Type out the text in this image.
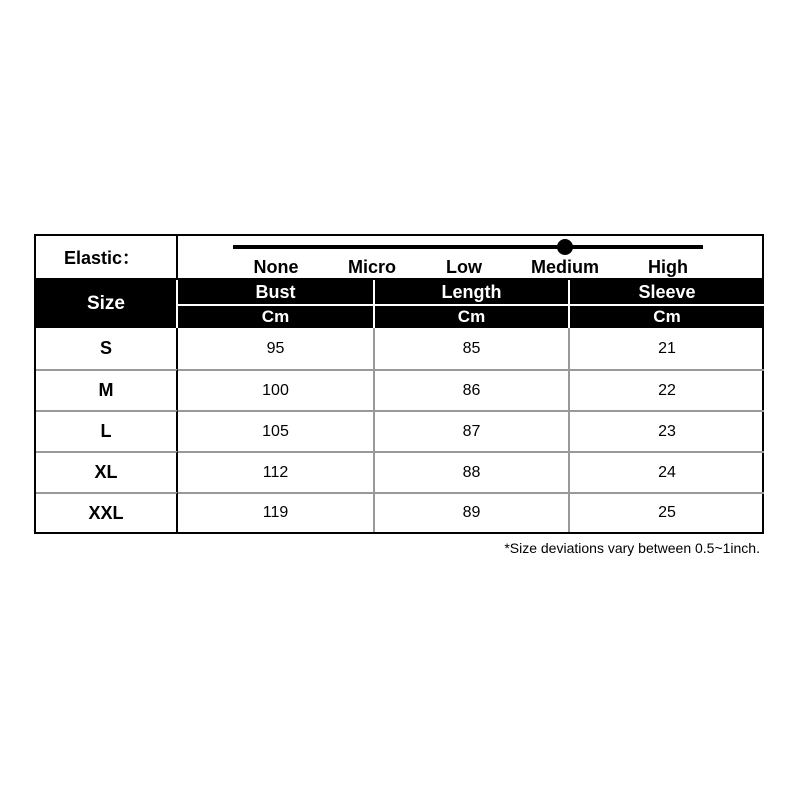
Elastic：	None	Micro	Low	Medium	High
Size
Bust	Length	Sleeve
Cm	Cm	Cm
S	95	85	21
M	100	86	22
L	105	87	23
XL	112	88	24
XXL	119	89	25
*Size deviations vary between 0.5~1inch.
